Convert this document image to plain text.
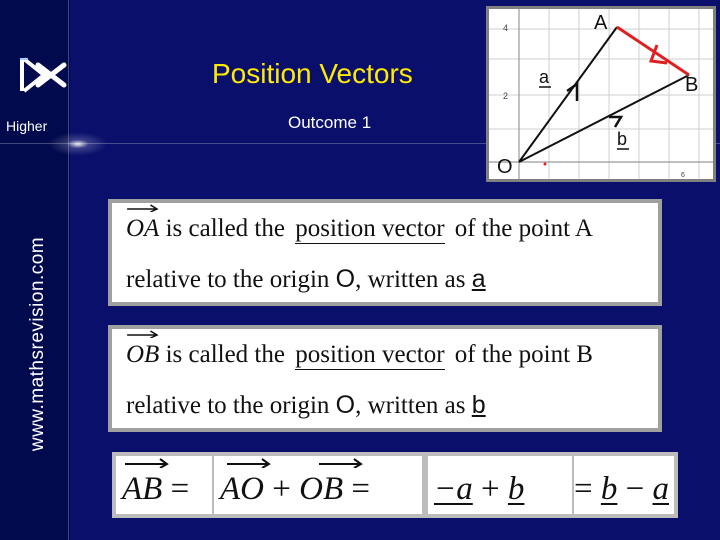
Higher
www.mathsrevision.com
Position Vectors
Outcome 1
4
2
6
A
B
O
a
b
OA is called the position vector of the point A
relative to the origin O, written as a
OB is called the position vector of the point B
relative to the origin O, written as b
AB = AO + OB =	−a + b	= b − a
